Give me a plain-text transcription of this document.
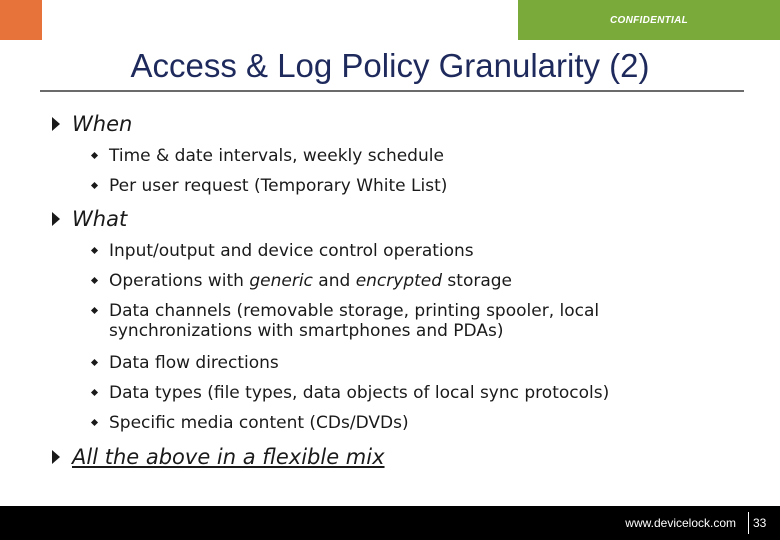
CONFIDENTIAL
Access & Log Policy Granularity (2)
When
Time & date intervals, weekly schedule
Per user request (Temporary White List)
What
Input/output and device control operations
Operations with generic and encrypted storage
Data channels (removable storage, printing spooler, local synchronizations with smartphones and PDAs)
Data flow directions
Data types (file types, data objects of local sync protocols)
Specific media content (CDs/DVDs)
All the above in a flexible mix
www.devicelock.com 33
